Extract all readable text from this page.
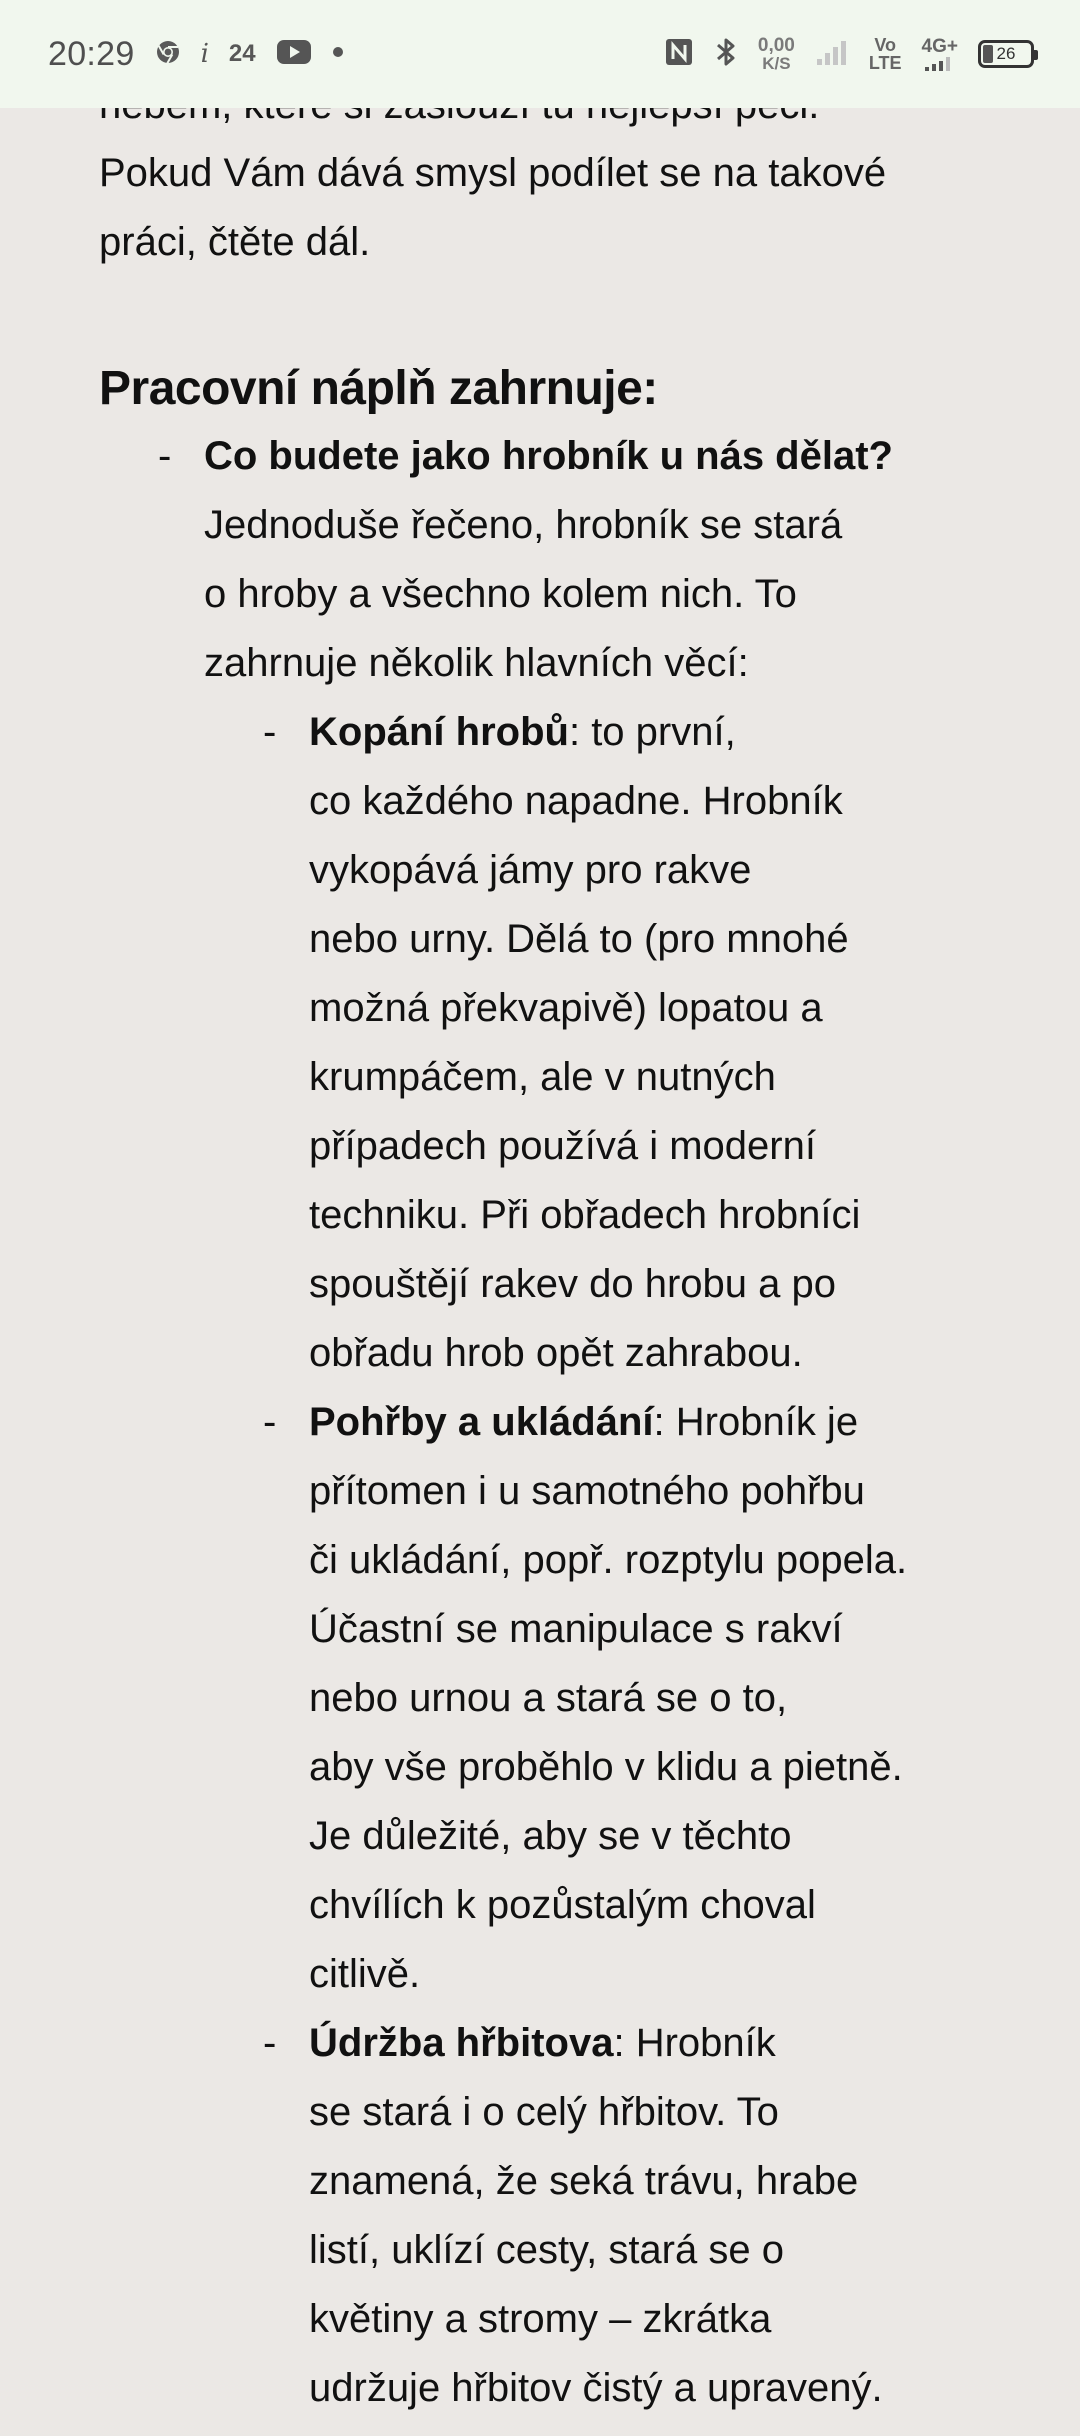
20:29	i 24	0,00
K/S
Vo
LTE
4G+ 26
Pokud Vám dává smysl podílet se na takové
práci, čtěte dál.
Pracovní náplň zahrnuje:
- Co budete jako hrobník u nás dělat?
Jednoduše řečeno, hrobník se stará
o hroby a všechno kolem nich. To
zahrnuje několik hlavních věcí:
- Kopání hrobů: to první,
co každého napadne. Hrobník
vykopává jámy pro rakve
nebo urny. Dělá to (pro mnohé
možná překvapivě) lopatou a
krumpáčem, ale v nutných
případech používá i moderní
techniku. Při obřadech hrobníci
spouštějí rakev do hrobu a po
obřadu hrob opět zahrabou.
- Pohřby a ukládání: Hrobník je
přítomen i u samotného pohřbu
či ukládání, popř. rozptylu popela.
Účastní se manipulace s rakví
nebo urnou a stará se o to,
aby vše proběhlo v klidu a pietně.
Je důležité, aby se v těchto
chvílích k pozůstalým choval
citlivě.
- Údržba hřbitova: Hrobník
se stará i o celý hřbitov. To
znamená, že seká trávu, hrabe
listí, uklízí cesty, stará se o
květiny a stromy – zkrátka
udržuje hřbitov čistý a upravený.
